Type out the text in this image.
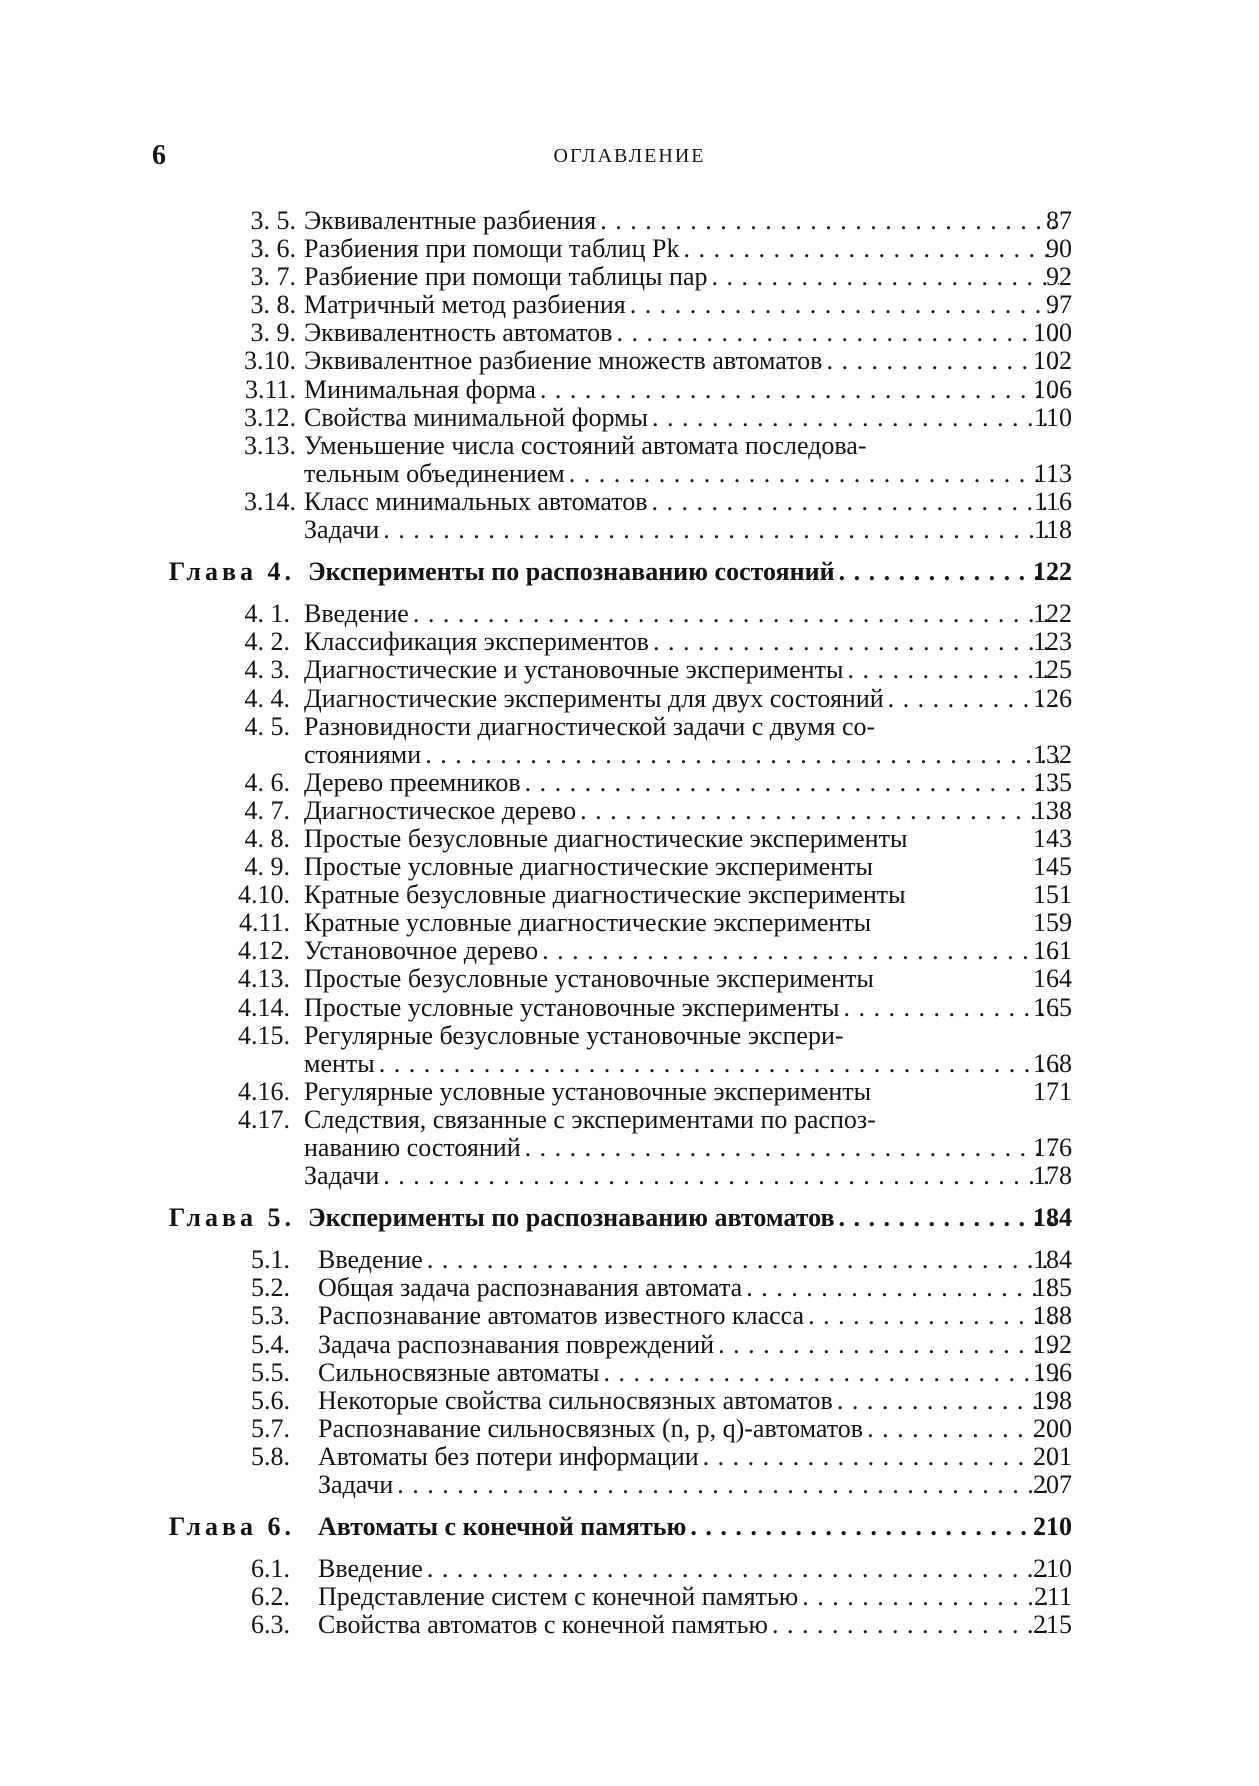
6	ОГЛАВЛЕНИЕ
3. 5. Эквивалентные разбиения .....	87
3. 6. Разбиения при помощи таблиц Pk .....	90
3. 7. Разбиение при помощи таблицы пар .....	92
3. 8. Матричный метод разбиения .....	97
3. 9. Эквивалентность автоматов .....	100
3.10. Эквивалентное разбиение множеств автоматов .....	102
3.11. Минимальная форма .....	106
3.12. Свойства минимальной формы .....	110
3.13. Уменьшение числа состояний автомата последова-
тельным объединением .....	113
3.14. Класс минимальных автоматов .....	116
Задачи .....	118
Глава 4. Эксперименты по распознаванию состояний .....	122
4. 1. Введение .....	122
4. 2. Классификация экспериментов .....	123
4. 3. Диагностические и установочные эксперименты .....	125
4. 4. Диагностические эксперименты для двух состояний .....	126
4. 5. Разновидности диагностической задачи с двумя со-
стояниями .....	132
4. 6. Дерево преемников .....	135
4. 7. Диагностическое дерево .....	138
4. 8. Простые безусловные диагностические эксперименты	143
4. 9. Простые условные диагностические эксперименты	145
4.10. Кратные безусловные диагностические эксперименты	151
4.11. Кратные условные диагностические эксперименты	159
4.12. Установочное дерево .....	161
4.13. Простые безусловные установочные эксперименты	164
4.14. Простые условные установочные эксперименты .....	165
4.15. Регулярные безусловные установочные экспери-
менты .....	168
4.16. Регулярные условные установочные эксперименты	171
4.17. Следствия, связанные с экспериментами по распоз-
наванию состояний .....	176
Задачи .....	178
Глава 5. Эксперименты по распознаванию автоматов .....	184
5.1. Введение .....	184
5.2. Общая задача распознавания автомата .....	185
5.3. Распознавание автоматов известного класса .....	188
5.4. Задача распознавания повреждений .....	192
5.5. Сильносвязные автоматы .....	196
5.6. Некоторые свойства сильносвязных автоматов .....	198
5.7. Распознавание сильносвязных (n, p, q)-автоматов .....	200
5.8. Автоматы без потери информации .....	201
Задачи .....	207
Глава 6. Автоматы с конечной памятью .....	210
6.1. Введение .....	210
6.2. Представление систем с конечной памятью .....	211
6.3. Свойства автоматов с конечной памятью .....	215
